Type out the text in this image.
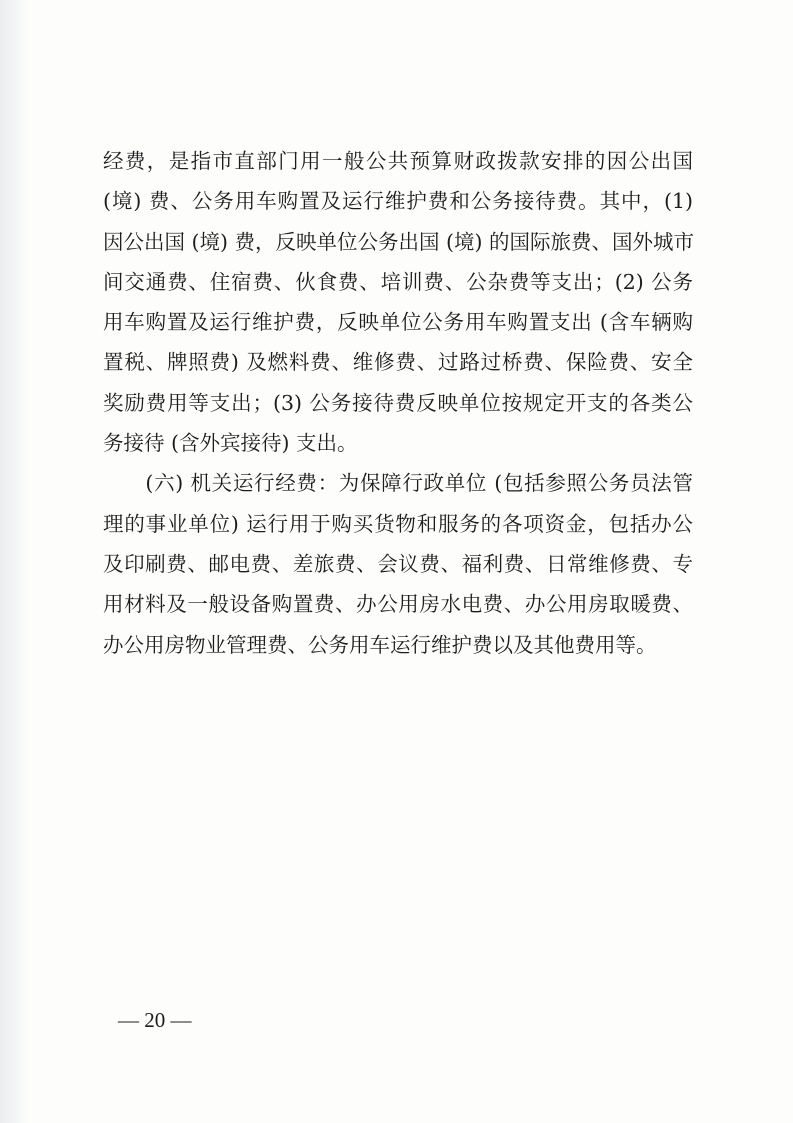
经费，是指市直部门用一般公共预算财政拨款安排的因公出国
(境) 费、公务用车购置及运行维护费和公务接待费。其中，(1)
因公出国 (境) 费，反映单位公务出国 (境) 的国际旅费、国外城市
间交通费、住宿费、伙食费、培训费、公杂费等支出；(2) 公务
用车购置及运行维护费，反映单位公务用车购置支出 (含车辆购
置税、牌照费) 及燃料费、维修费、过路过桥费、保险费、安全
奖励费用等支出；(3) 公务接待费反映单位按规定开支的各类公
务接待 (含外宾接待) 支出。
　　(六) 机关运行经费：为保障行政单位 (包括参照公务员法管
理的事业单位) 运行用于购买货物和服务的各项资金，包括办公
及印刷费、邮电费、差旅费、会议费、福利费、日常维修费、专
用材料及一般设备购置费、办公用房水电费、办公用房取暖费、
办公用房物业管理费、公务用车运行维护费以及其他费用等。
— 20 —
